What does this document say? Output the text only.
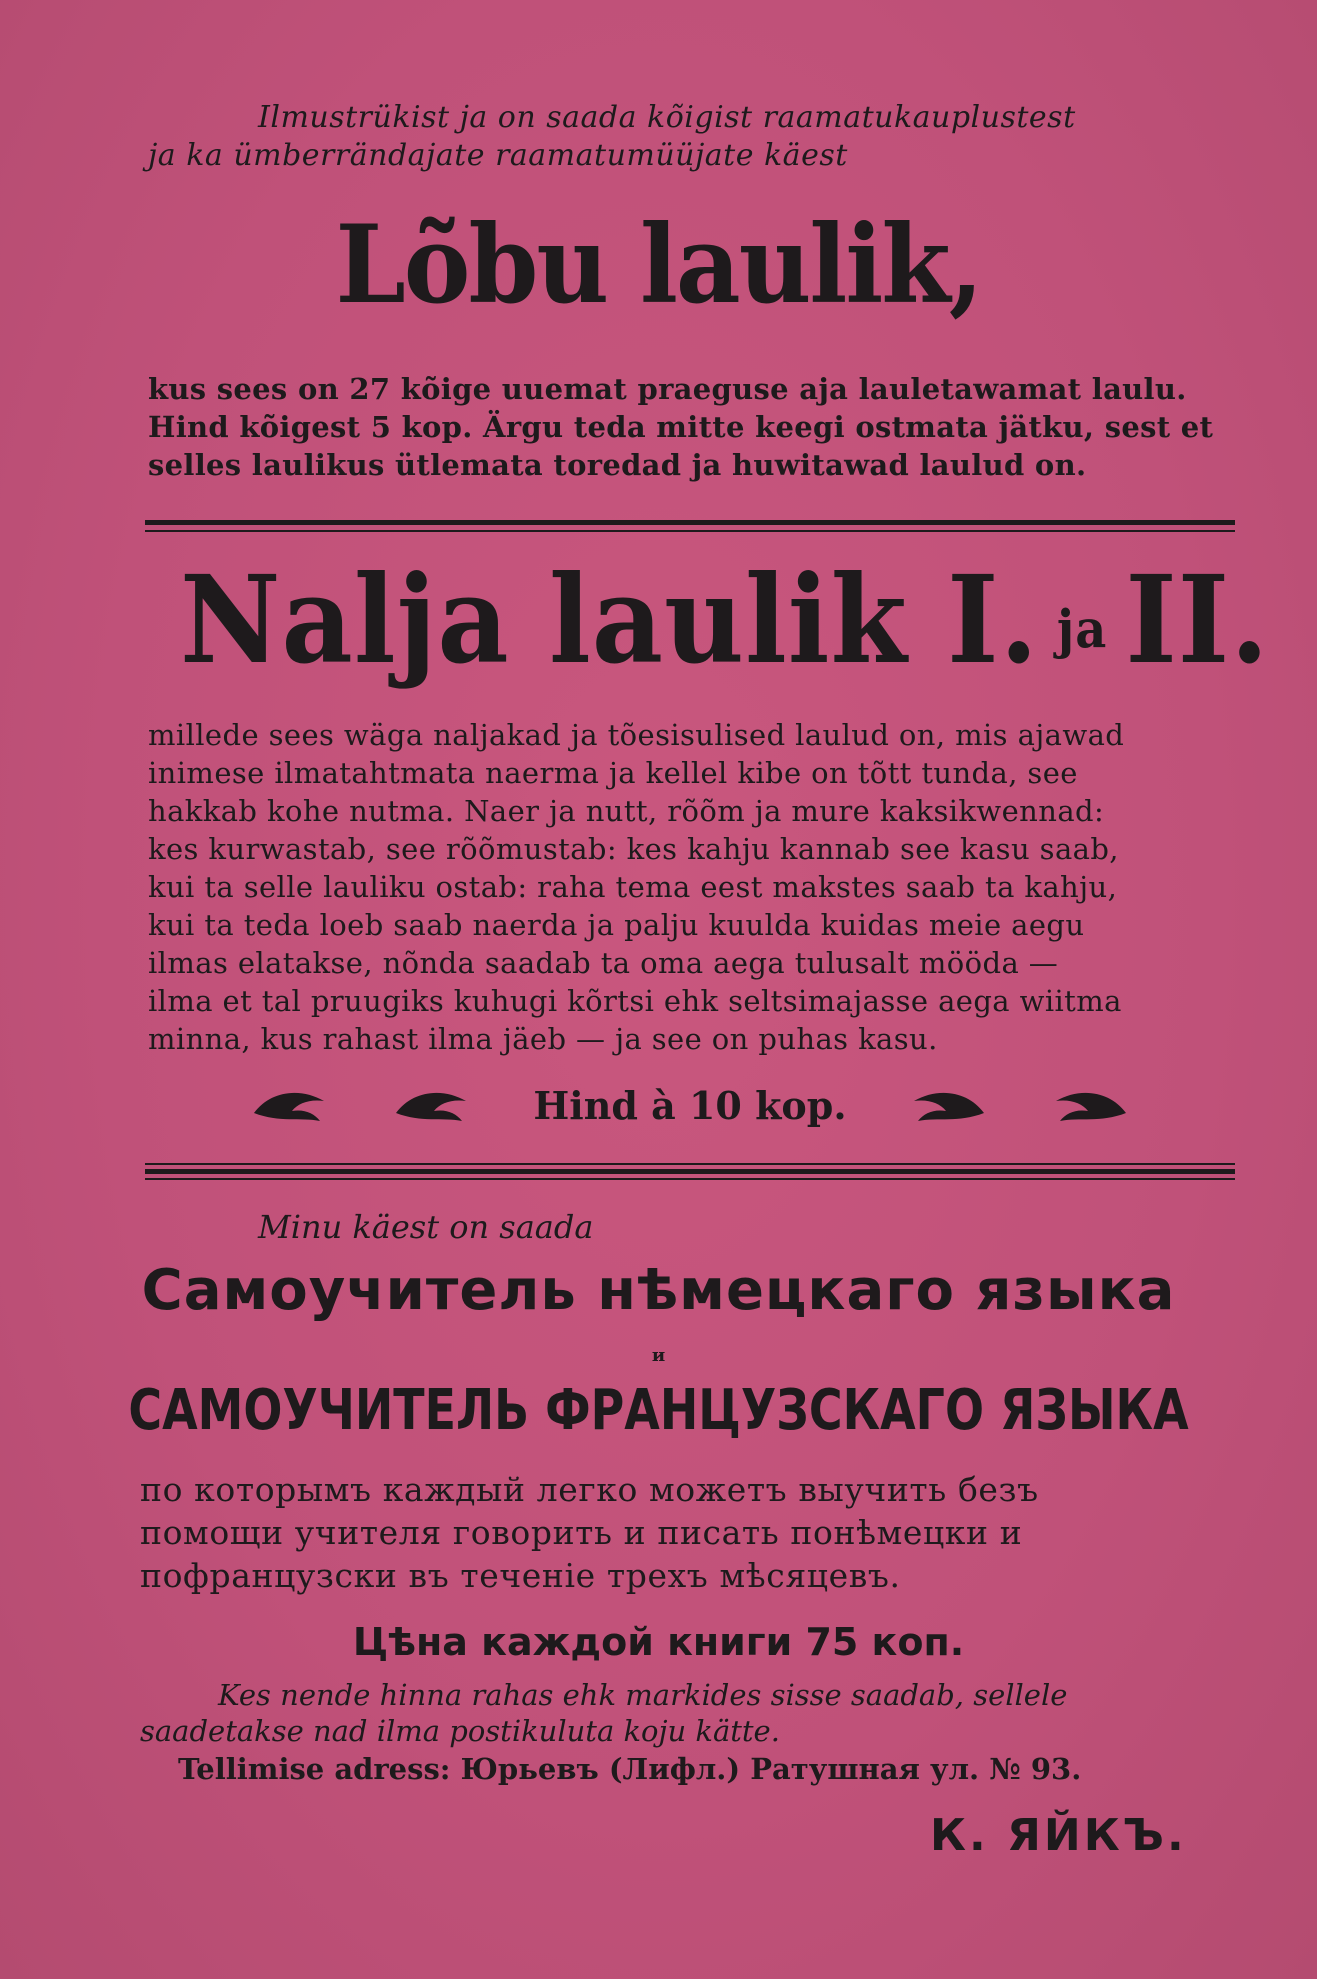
Ilmustrükist ja on saada kõigist raamatukauplustest
ja ka ümberrändajate raamatumüüjate käest
Lõbu laulik,
kus sees on 27 kõige uuemat praeguse aja lauletawamat laulu.
Hind kõigest 5 kop. Ärgu teda mitte keegi ostmata jätku, sest et
selles laulikus ütlemata toredad ja huwitawad laulud on.
Nalja laulik I. ja II.
millede sees wäga naljakad ja tõesisulised laulud on, mis ajawad
inimese ilmatahtmata naerma ja kellel kibe on tõtt tunda, see
hakkab kohe nutma. Naer ja nutt, rõõm ja mure kaksikwennad:
kes kurwastab, see rõõmustab: kes kahju kannab see kasu saab,
kui ta selle lauliku ostab: raha tema eest makstes saab ta kahju,
kui ta teda loeb saab naerda ja palju kuulda kuidas meie aegu
ilmas elatakse, nõnda saadab ta oma aega tulusalt mööda —
ilma et tal pruugiks kuhugi kõrtsi ehk seltsimajasse aega wiitma
minna, kus rahast ilma jäeb — ja see on puhas kasu.
Hind à 10 kop.
Minu käest on saada
Самоучитель нѣмецкаго языка
и
САМОУЧИТЕЛЬ ФРАНЦУЗСКАГО ЯЗЫКА
по которымъ каждый легко можетъ выучить безъ
помощи учителя говорить и писать понѣмецки и
пофранцузски въ теченіе трехъ мѣсяцевъ.
Цѣна каждой книги 75 коп.
Kes nende hinna rahas ehk markides sisse saadab, sellele
saadetakse nad ilma postikuluta koju kätte.
Tellimise adress: Юрьевъ (Лифл.) Ратушная ул. № 93.
К. ЯЙКЪ.
